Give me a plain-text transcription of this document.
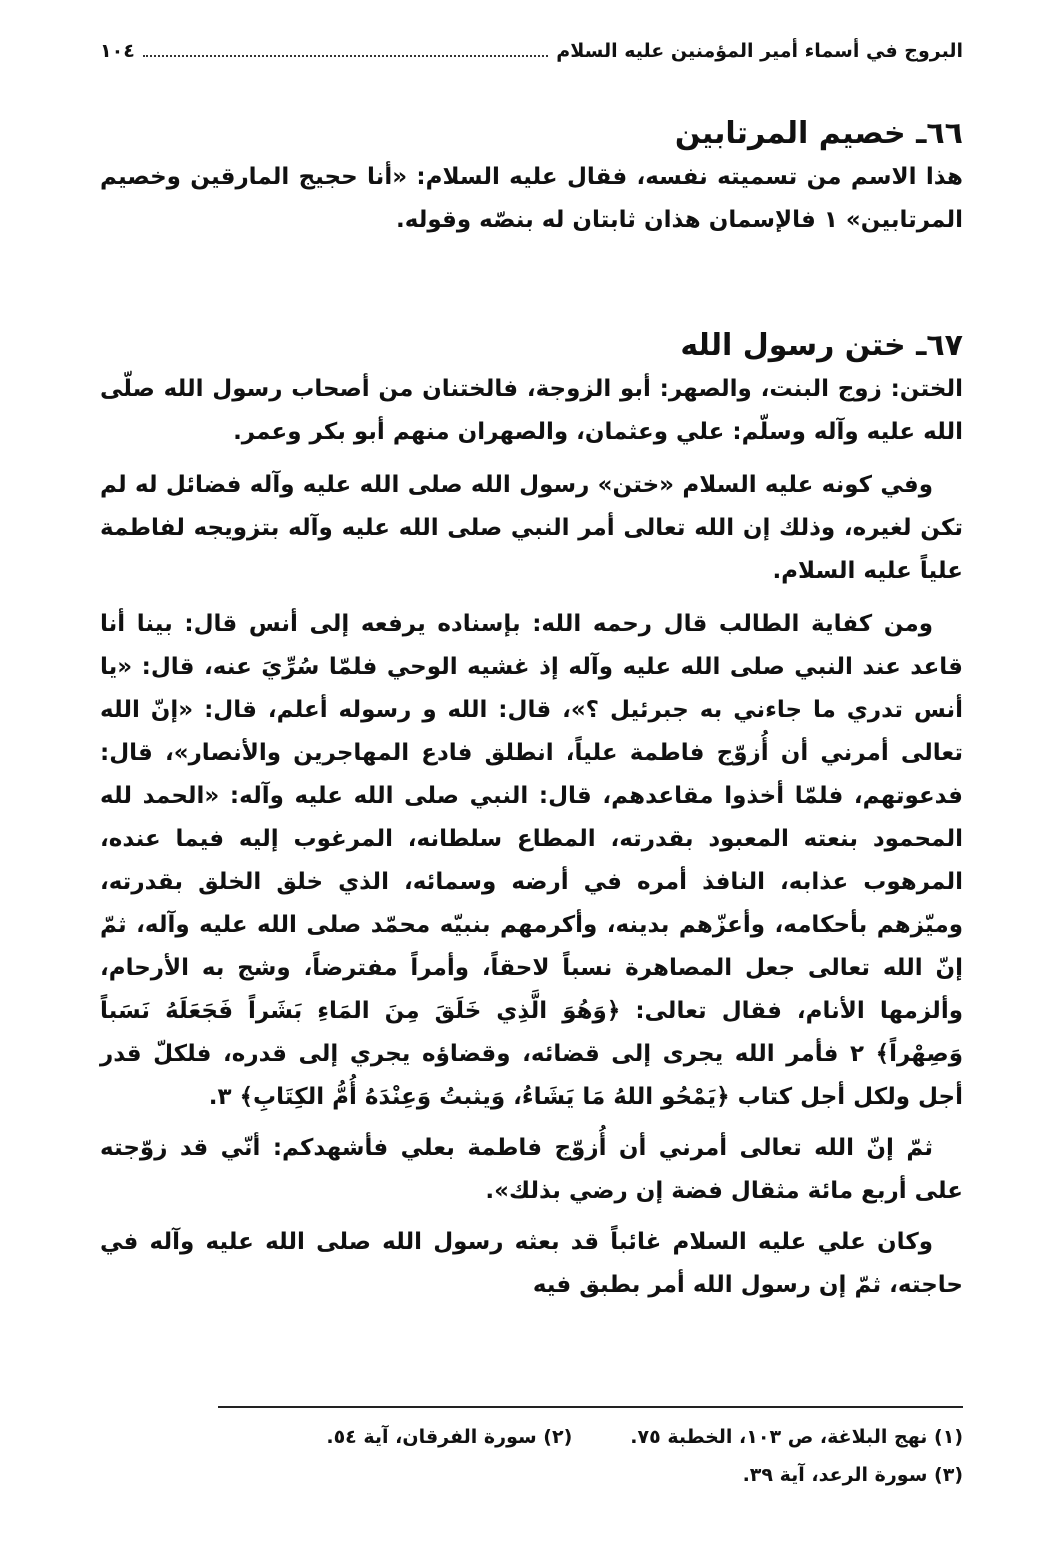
البروج في أسماء أمير المؤمنين عليه السلام
١٠٤
٦٦ـ خصيم المرتابين

هذا الاسم من تسميته نفسه، فقال عليه السلام: «أنا حجيج المارقين وخصيم المرتابين» ١ فالإسمان هذان ثابتان له بنصّه وقوله.

٦٧ـ ختن رسول الله

الختن: زوج البنت، والصهر: أبو الزوجة، فالختنان من أصحاب رسول الله صلّى الله عليه وآله وسلّم: علي وعثمان، والصهران منهم أبو بكر وعمر.

وفي كونه عليه السلام «ختن» رسول الله صلى الله عليه وآله فضائل له لم تكن لغيره، وذلك إن الله تعالى أمر النبي صلى الله عليه وآله بتزويجه لفاطمة علياً عليه السلام.

ومن كفاية الطالب قال رحمه الله: بإسناده يرفعه إلى أنس قال: بينا أنا قاعد عند النبي صلى الله عليه وآله إذ غشيه الوحي فلمّا سُرِّيَ عنه، قال: «يا أنس تدري ما جاءني به جبرئيل ؟»، قال: الله و رسوله أعلم، قال: «إنّ الله تعالى أمرني أن أُزوّج فاطمة علياً، انطلق فادع المهاجرين والأنصار»، قال: فدعوتهم، فلمّا أخذوا مقاعدهم، قال: النبي صلى الله عليه وآله: «الحمد لله المحمود بنعته المعبود بقدرته، المطاع سلطانه، المرغوب إليه فيما عنده، المرهوب عذابه، النافذ أمره في أرضه وسمائه، الذي خلق الخلق بقدرته، وميّزهم بأحكامه، وأعزّهم بدينه، وأكرمهم بنبيّه محمّد صلى الله عليه وآله، ثمّ إنّ الله تعالى جعل المصاهرة نسباً لاحقاً، وأمراً مفترضاً، وشج به الأرحام، وألزمها الأنام، فقال تعالى: ﴿وَهُوَ الَّذِي خَلَقَ مِنَ المَاءِ بَشَراً فَجَعَلَهُ نَسَباً وَصِهْراً﴾ ٢ فأمر الله يجرى إلى قضائه، وقضاؤه يجري إلى قدره، فلكلّ قدر أجل ولكل أجل كتاب ﴿يَمْحُو اللهُ مَا يَشَاءُ، وَيثبتُ وَعِنْدَهُ أُمُّ الكِتَابِ﴾ ٣.

ثمّ إنّ الله تعالى أمرني أن أُزوّج فاطمة بعلي فأشهدكم: أنّي قد زوّجته على أربع مائة مثقال فضة إن رضي بذلك».

وكان علي عليه السلام غائباً قد بعثه رسول الله صلى الله عليه وآله في حاجته، ثمّ إن رسول الله أمر بطبق فيه

(١) نهج البلاغة، ص ١٠٣، الخطبة ٧٥.
(٢) سورة الفرقان، آية ٥٤.
(٣) سورة الرعد، آية ٣٩.
